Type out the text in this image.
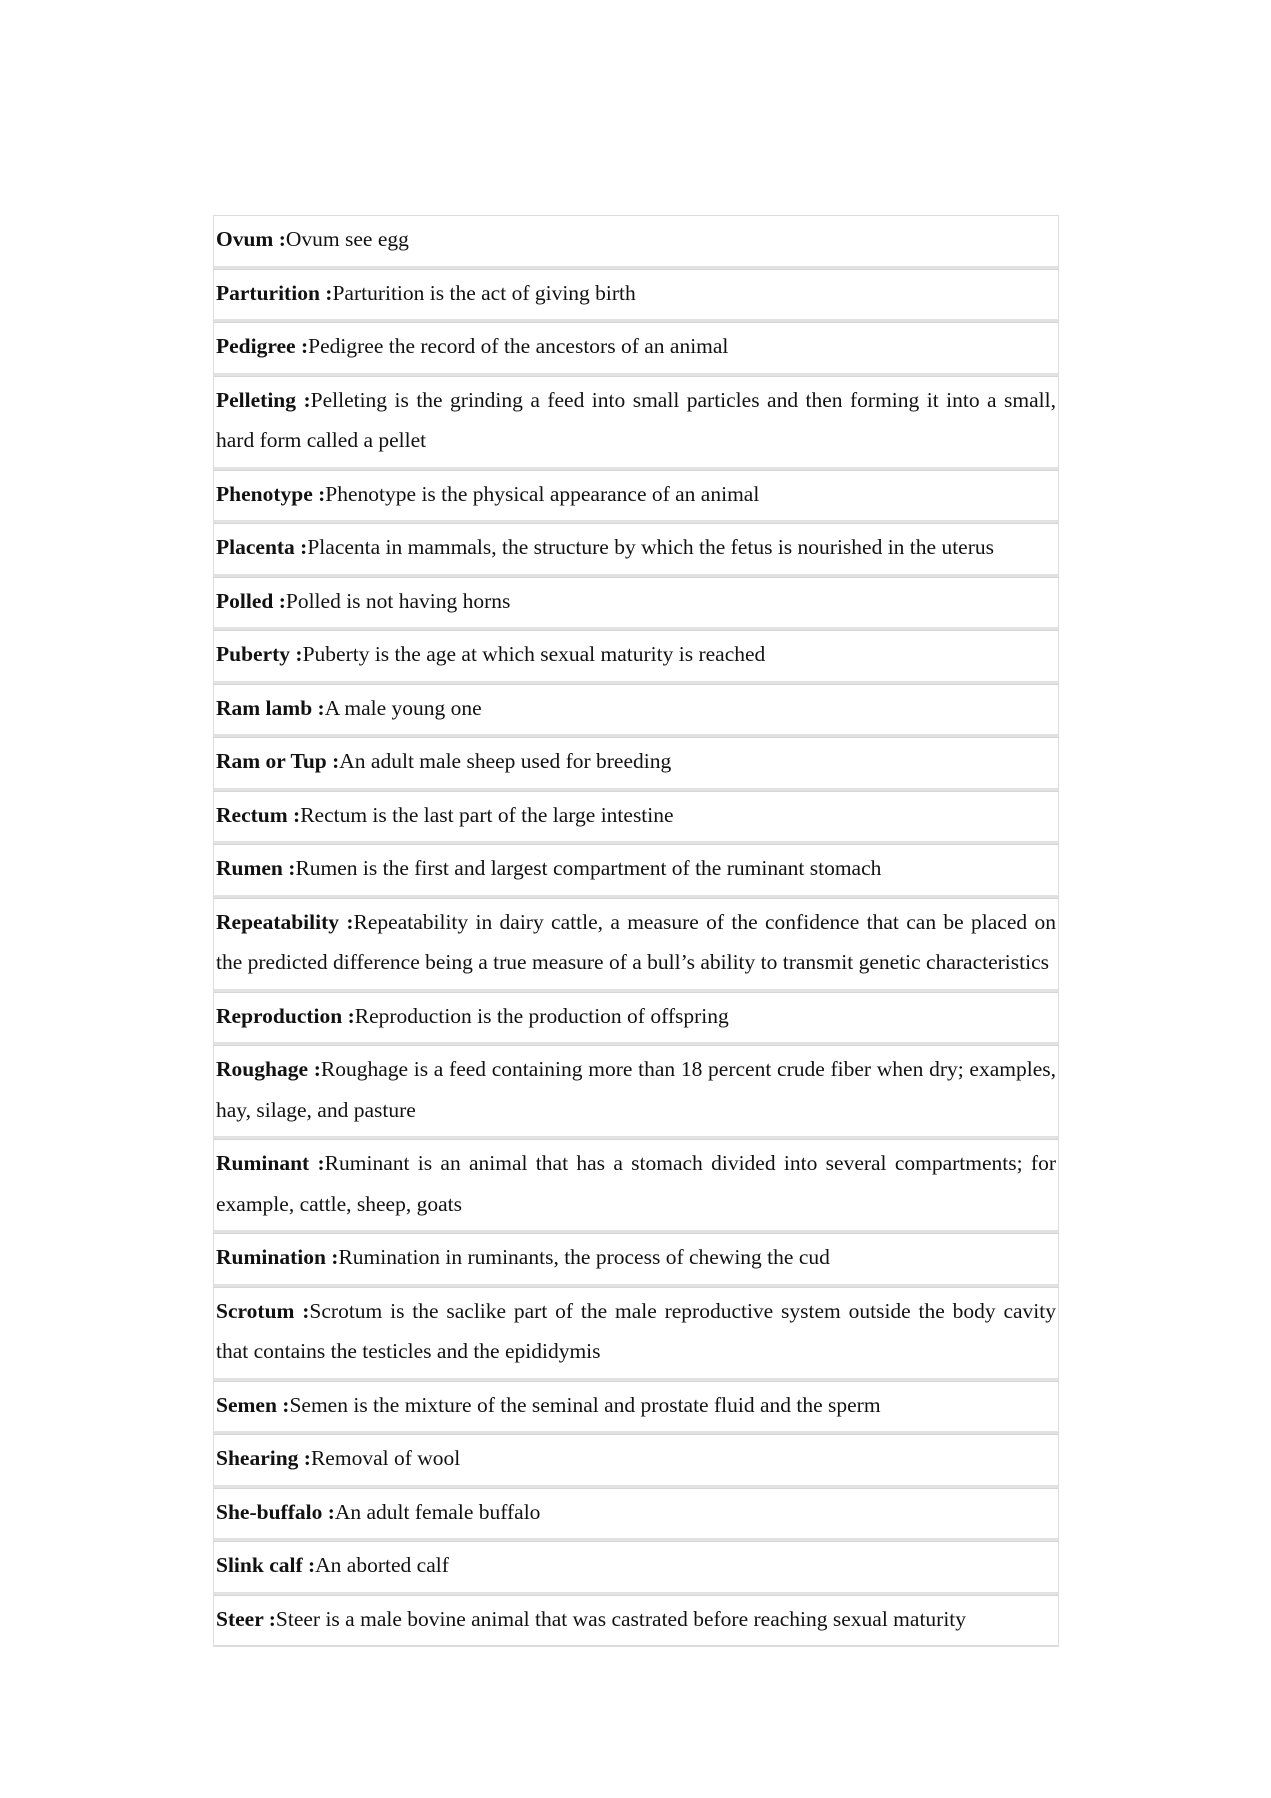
Ovum :Ovum see egg
Parturition :Parturition is the act of giving birth
Pedigree :Pedigree the record of the ancestors of an animal
Pelleting :Pelleting is the grinding a feed into small particles and then forming it into a small, hard form called a pellet
Phenotype :Phenotype is the physical appearance of an animal
Placenta :Placenta in mammals, the structure by which the fetus is nourished in the uterus
Polled :Polled is not having horns
Puberty :Puberty is the age at which sexual maturity is reached
Ram lamb :A male young one
Ram or Tup :An adult male sheep used for breeding
Rectum :Rectum is the last part of the large intestine
Rumen :Rumen is the first and largest compartment of the ruminant stomach
Repeatability :Repeatability in dairy cattle, a measure of the confidence that can be placed on the predicted difference being a true measure of a bull’s ability to transmit genetic characteristics
Reproduction :Reproduction is the production of offspring
Roughage :Roughage is a feed containing more than 18 percent crude fiber when dry; examples, hay, silage, and pasture
Ruminant :Ruminant is an animal that has a stomach divided into several compartments; for example, cattle, sheep, goats
Rumination :Rumination in ruminants, the process of chewing the cud
Scrotum :Scrotum is the saclike part of the male reproductive system outside the body cavity that contains the testicles and the epididymis
Semen :Semen is the mixture of the seminal and prostate fluid and the sperm
Shearing :Removal of wool
She-buffalo :An adult female buffalo
Slink calf :An aborted calf
Steer :Steer is a male bovine animal that was castrated before reaching sexual maturity
